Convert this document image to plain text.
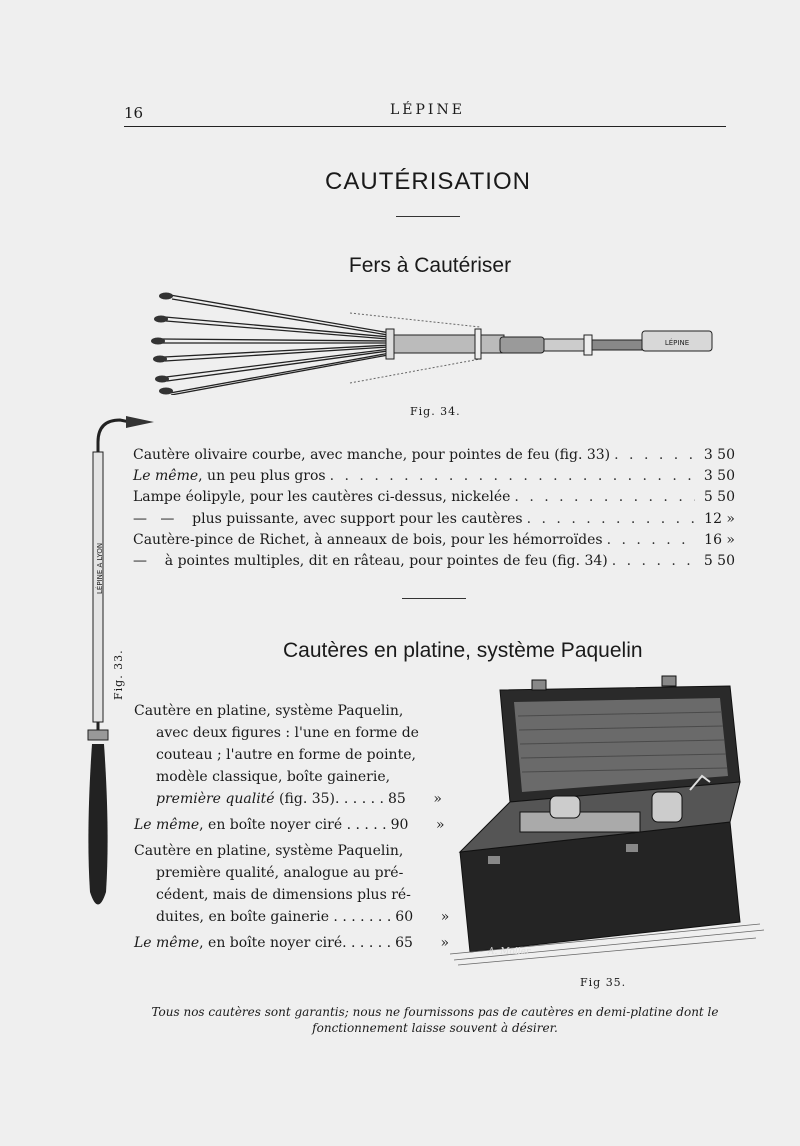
16	LÉPINE
CAUTÉRISATION
Fers à Cautériser
LÉPINE
Fig. 34.
LÉPINE A LYON
Fig. 33.
Cautère olivaire courbe, avec manche, pour pointes de feu (fig. 33) . . .	3 50
Le même, un peu plus gros . . .	3 50
Lampe éolipyle, pour les cautères ci-dessus, nickelée . . .	5 50
—   —    plus puissante, avec support pour les cautères . . .	12 »
Cautère-pince de Richet, à anneaux de bois, pour les hémorroïdes . . .	16 »
—    à pointes multiples, dit en râteau, pour pointes de feu (fig. 34) . . .	5 50
Cautères en platine, système Paquelin
Cautère en platine, système Paquelin,
avec deux figures : l'une en forme de
couteau ; l'autre en forme de pointe,
modèle classique, boîte gainerie,
première qualité (fig. 35). . . . . . 85 »
Le même, en boîte noyer ciré . . . . . 90 »
Cautère en platine, système Paquelin,
première qualité, analogue au pré-
cédent, mais de dimensions plus ré-
duites, en boîte gainerie . . . . . . . 60 »
Le même, en boîte noyer ciré. . . . . . 65 »
A. Moller
Fig 35.
Tous nos cautères sont garantis; nous ne fournissons pas de cautères en demi-platine dont le
fonctionnement laisse souvent à désirer.
